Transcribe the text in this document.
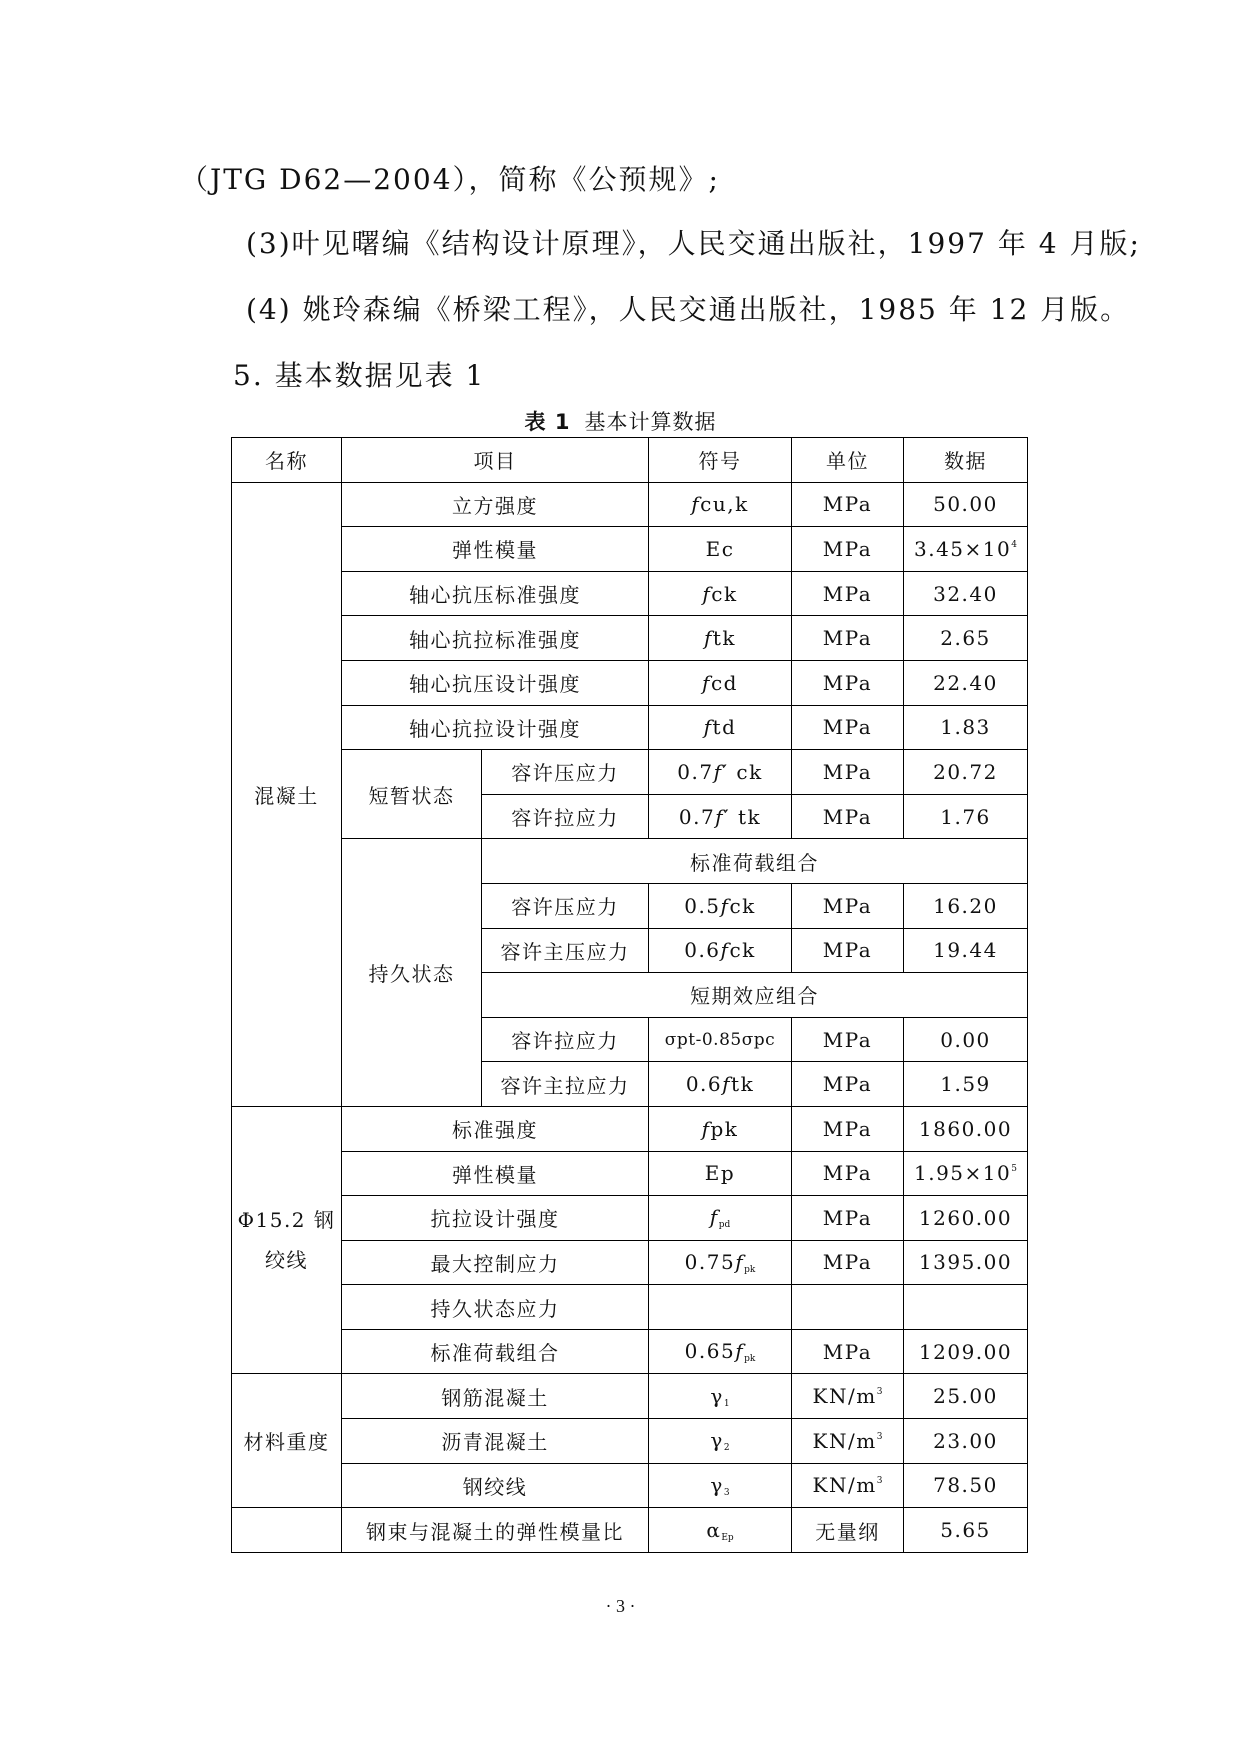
（JTG D62—2004），简称《公预规》;
(3)叶见曙编《结构设计原理》，人民交通出版社，1997 年 4 月版;
(4) 姚玲森编《桥梁工程》，人民交通出版社，1985 年 12 月版。
5. 基本数据见表 1
表 1 基本计算数据
名称	项目		符号	单位	数据
混凝土	立方强度		fcu,k	MPa	50.00
	弹性模量		Ec	MPa	$3.45\times 10^4$
	轴心抗压标准强度		fck	MPa	32.40
	轴心抗拉标准强度		ftk	MPa	2.65
	轴心抗压设计强度		fcd	MPa	22.40
	轴心抗拉设计强度		ftd	MPa	1.83
	短暂状态	容许压应力	0.7f′ ck	MPa	20.72
		容许拉应力	0.7f′ tk	MPa	1.76
	持久状态	标准荷载组合			
		容许压应力	0.5fck	MPa	16.20
		容许主压应力	0.6fck	MPa	19.44
		短期效应组合			
		容许拉应力	σpt-0.85σpc	MPa	0.00
		容许主拉应力	0.6ftk	MPa	1.59
Φ15.2 钢绞线	标准强度		fpk	MPa	1860.00
	弹性模量		Ep	MPa	$1.95\times 10^5$
	抗拉设计强度		$f_{pd}$	MPa	1260.00
	最大控制应力		$0.75f_{pk}$	MPa	1395.00
	持久状态应力				
	标准荷载组合		$0.65f_{pk}$	MPa	1209.00
材料重度	钢筋混凝土		$\gamma_1$	$KN/m^3$	25.00
	沥青混凝土		$\gamma_2$	$KN/m^3$	23.00
	钢绞线		$\gamma_3$	$KN/m^3$	78.50
	钢束与混凝土的弹性模量比		$\alpha_{Ep}$	无量纲	5.65
· 3 ·
